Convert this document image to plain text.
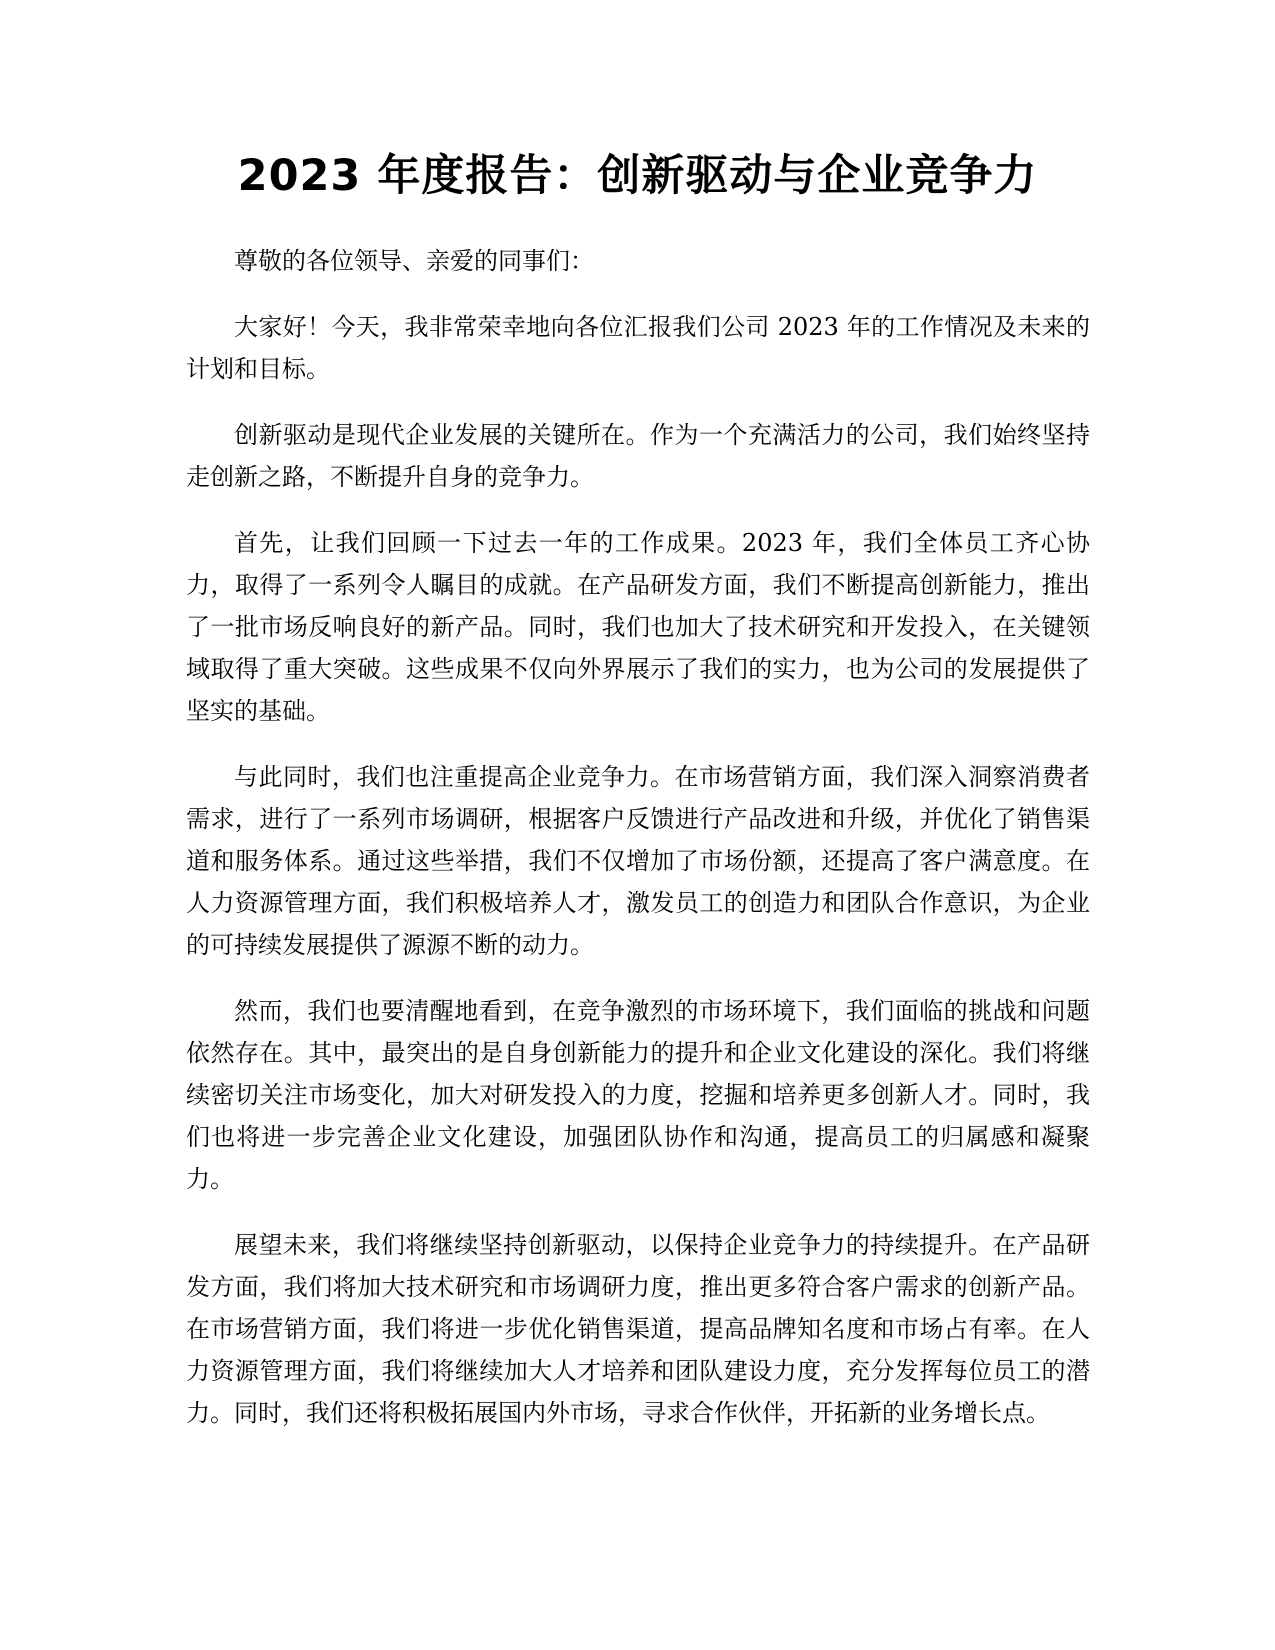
2023 年度报告：创新驱动与企业竞争力

尊敬的各位领导、亲爱的同事们：

大家好！今天，我非常荣幸地向各位汇报我们公司 2023 年的工作情况及未来的计划和目标。

创新驱动是现代企业发展的关键所在。作为一个充满活力的公司，我们始终坚持走创新之路，不断提升自身的竞争力。

首先，让我们回顾一下过去一年的工作成果。2023 年，我们全体员工齐心协力，取得了一系列令人瞩目的成就。在产品研发方面，我们不断提高创新能力，推出了一批市场反响良好的新产品。同时，我们也加大了技术研究和开发投入，在关键领域取得了重大突破。这些成果不仅向外界展示了我们的实力，也为公司的发展提供了坚实的基础。

与此同时，我们也注重提高企业竞争力。在市场营销方面，我们深入洞察消费者需求，进行了一系列市场调研，根据客户反馈进行产品改进和升级，并优化了销售渠道和服务体系。通过这些举措，我们不仅增加了市场份额，还提高了客户满意度。在人力资源管理方面，我们积极培养人才，激发员工的创造力和团队合作意识，为企业的可持续发展提供了源源不断的动力。

然而，我们也要清醒地看到，在竞争激烈的市场环境下，我们面临的挑战和问题依然存在。其中，最突出的是自身创新能力的提升和企业文化建设的深化。我们将继续密切关注市场变化，加大对研发投入的力度，挖掘和培养更多创新人才。同时，我们也将进一步完善企业文化建设，加强团队协作和沟通，提高员工的归属感和凝聚力。

展望未来，我们将继续坚持创新驱动，以保持企业竞争力的持续提升。在产品研发方面，我们将加大技术研究和市场调研力度，推出更多符合客户需求的创新产品。在市场营销方面，我们将进一步优化销售渠道，提高品牌知名度和市场占有率。在人力资源管理方面，我们将继续加大人才培养和团队建设力度，充分发挥每位员工的潜力。同时，我们还将积极拓展国内外市场，寻求合作伙伴，开拓新的业务增长点。
